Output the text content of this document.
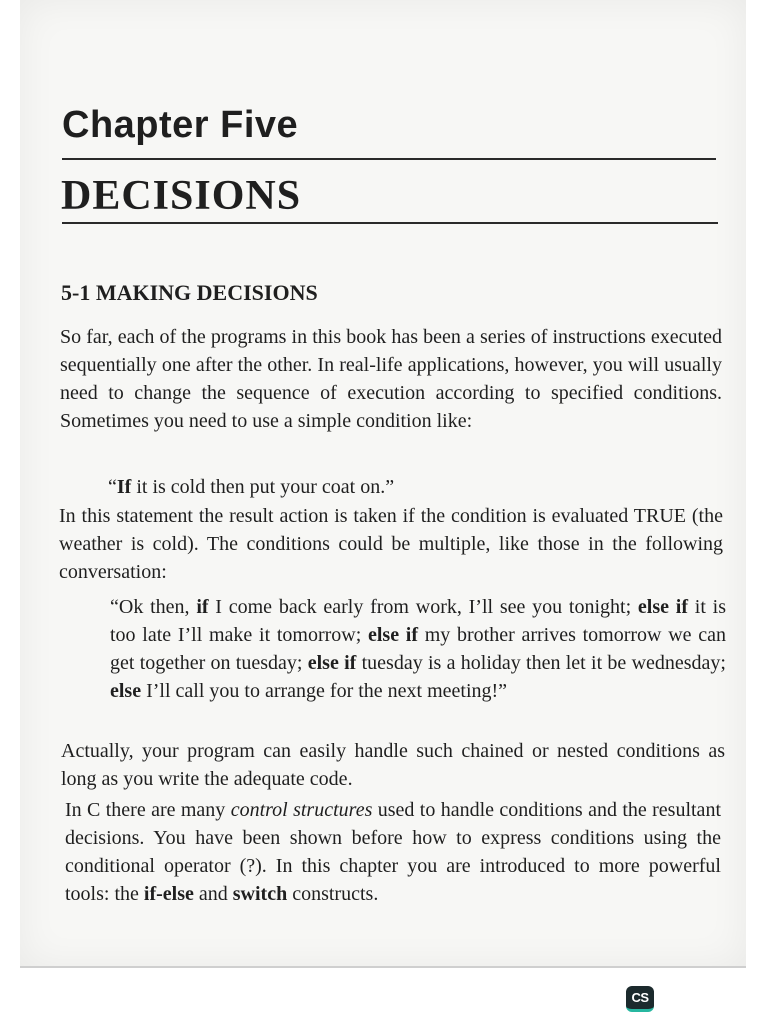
Chapter Five
DECISIONS
5-1 MAKING DECISIONS

So far, each of the programs in this book has been a series of instructions executed sequentially one after the other. In real-life applications, however, you will usually need to change the sequence of execution according to specified conditions. Sometimes you need to use a simple condition like:

“If it is cold then put your coat on.”

In this statement the result action is taken if the condition is evaluated TRUE (the weather is cold). The conditions could be multiple, like those in the following conversation:

“Ok then, if I come back early from work, I’ll see you tonight; else if it is too late I’ll make it tomorrow; else if my brother arrives tomorrow we can get together on tuesday; else if tuesday is a holiday then let it be wednesday; else I’ll call you to arrange for the next meeting!”

Actually, your program can easily handle such chained or nested conditions as long as you write the adequate code.

In C there are many control structures used to handle conditions and the resultant decisions. You have been shown before how to express conditions using the conditional operator (?). In this chapter you are introduced to more powerful tools: the if-else and switch constructs.

CS
